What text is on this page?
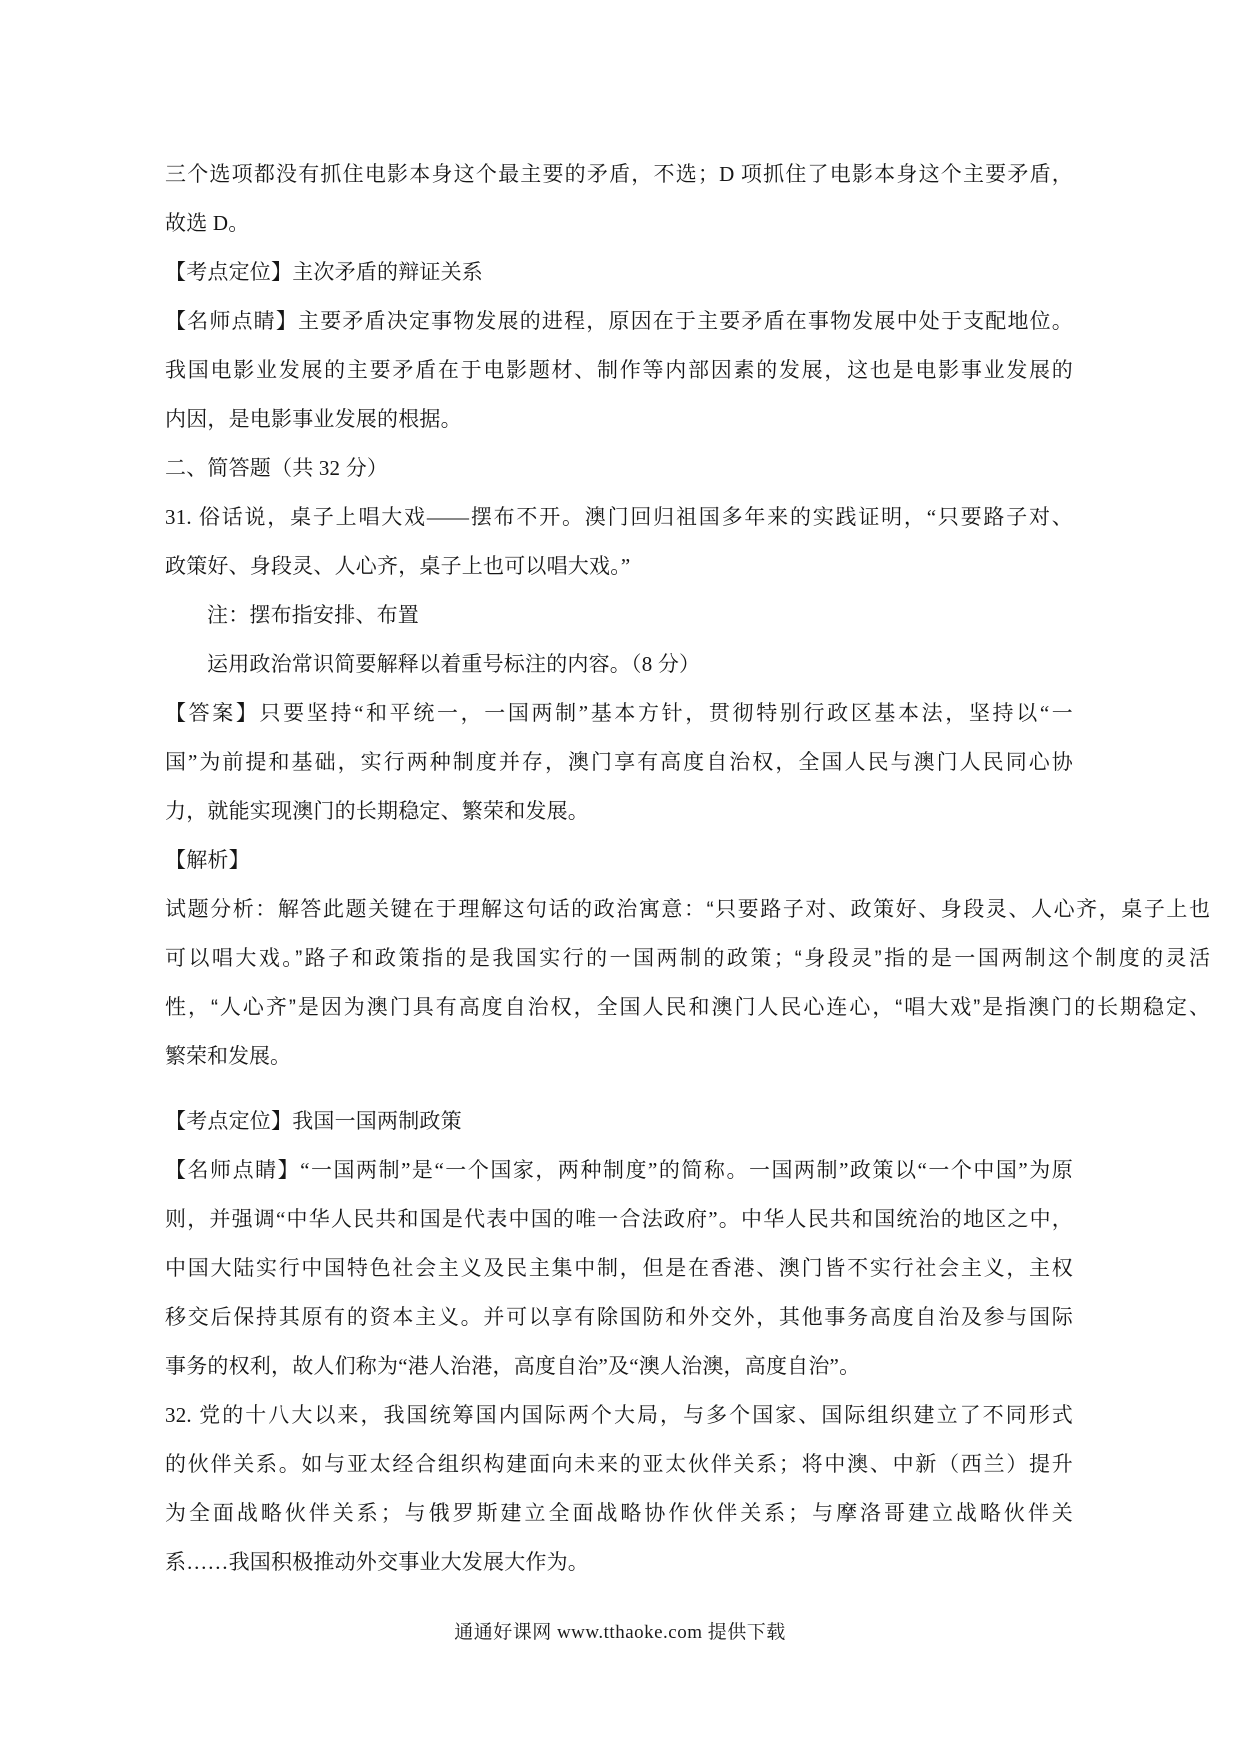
三个选项都没有抓住电影本身这个最主要的矛盾，不选；D 项抓住了电影本身这个主要矛盾，
故选 D。
【考点定位】主次矛盾的辩证关系
【名师点睛】主要矛盾决定事物发展的进程，原因在于主要矛盾在事物发展中处于支配地位。
我国电影业发展的主要矛盾在于电影题材、制作等内部因素的发展，这也是电影事业发展的
内因，是电影事业发展的根据。
二、简答题（共 32 分）
31. 俗话说，桌子上唱大戏——摆布不开。澳门回归祖国多年来的实践证明，“只要路子对、
政策好、身段灵、人心齐，桌子上也可以唱大戏。”
注：摆布指安排、布置
运用政治常识简要解释以着重号标注的内容。（8 分）
【答案】只要坚持“和平统一，一国两制”基本方针，贯彻特别行政区基本法，坚持以“一
国”为前提和基础，实行两种制度并存，澳门享有高度自治权，全国人民与澳门人民同心协
力，就能实现澳门的长期稳定、繁荣和发展。
【解析】
试题分析：解答此题关键在于理解这句话的政治寓意：“只要路子对、政策好、身段灵、人心齐，桌子上也
可以唱大戏。”路子和政策指的是我国实行的一国两制的政策；“身段灵”指的是一国两制这个制度的灵活
性，“人心齐”是因为澳门具有高度自治权，全国人民和澳门人民心连心，“唱大戏”是指澳门的长期稳定、
繁荣和发展。
【考点定位】我国一国两制政策
【名师点睛】“一国两制”是“一个国家，两种制度”的简称。一国两制”政策以“一个中国”为原
则，并强调“中华人民共和国是代表中国的唯一合法政府”。中华人民共和国统治的地区之中，
中国大陆实行中国特色社会主义及民主集中制，但是在香港、澳门皆不实行社会主义，主权
移交后保持其原有的资本主义。并可以享有除国防和外交外，其他事务高度自治及参与国际
事务的权利，故人们称为“港人治港，高度自治”及“澳人治澳，高度自治”。
32. 党的十八大以来，我国统筹国内国际两个大局，与多个国家、国际组织建立了不同形式
的伙伴关系。如与亚太经合组织构建面向未来的亚太伙伴关系；将中澳、中新（西兰）提升
为全面战略伙伴关系；与俄罗斯建立全面战略协作伙伴关系；与摩洛哥建立战略伙伴关
系……我国积极推动外交事业大发展大作为。
通通好课网 www.tthaoke.com 提供下载
